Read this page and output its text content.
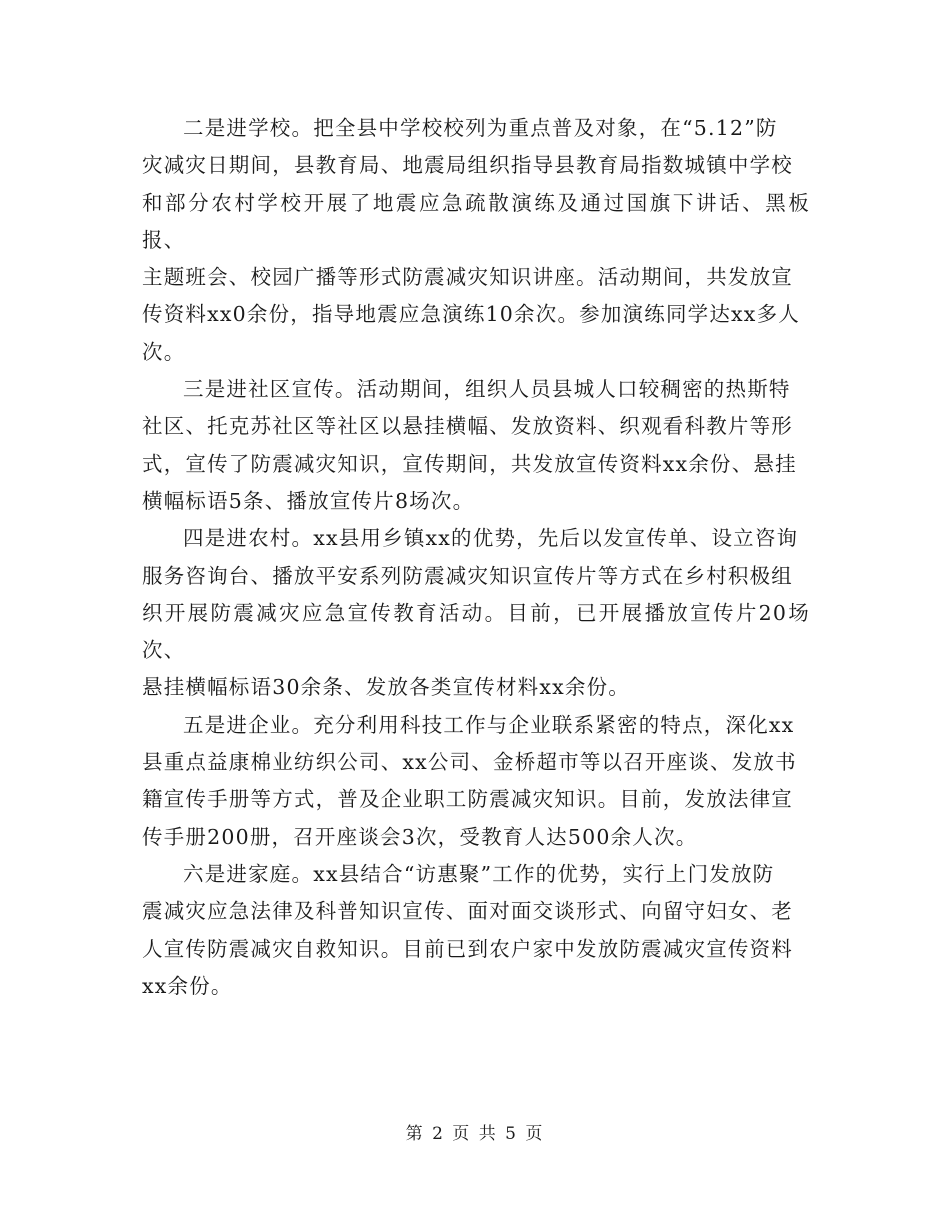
二是进学校。把全县中学校校列为重点普及对象，在“5.12”防
灾减灾日期间，县教育局、地震局组织指导县教育局指数城镇中学校
和部分农村学校开展了地震应急疏散演练及通过国旗下讲话、黑板报、
主题班会、校园广播等形式防震减灾知识讲座。活动期间，共发放宣
传资料xx0余份，指导地震应急演练10余次。参加演练同学达xx多人
次。
三是进社区宣传。活动期间，组织人员县城人口较稠密的热斯特
社区、托克苏社区等社区以悬挂横幅、发放资料、织观看科教片等形
式，宣传了防震减灾知识，宣传期间，共发放宣传资料xx余份、悬挂
横幅标语5条、播放宣传片8场次。
四是进农村。xx县用乡镇xx的优势，先后以发宣传单、设立咨询
服务咨询台、播放平安系列防震减灾知识宣传片等方式在乡村积极组
织开展防震减灾应急宣传教育活动。目前，已开展播放宣传片20场次、
悬挂横幅标语30余条、发放各类宣传材料xx余份。
五是进企业。充分利用科技工作与企业联系紧密的特点，深化xx
县重点益康棉业纺织公司、xx公司、金桥超市等以召开座谈、发放书
籍宣传手册等方式，普及企业职工防震减灾知识。目前，发放法律宣
传手册200册，召开座谈会3次，受教育人达500余人次。
六是进家庭。xx县结合“访惠聚”工作的优势，实行上门发放防
震减灾应急法律及科普知识宣传、面对面交谈形式、向留守妇女、老
人宣传防震减灾自救知识。目前已到农户家中发放防震减灾宣传资料
xx余份。
第 2 页 共 5 页
